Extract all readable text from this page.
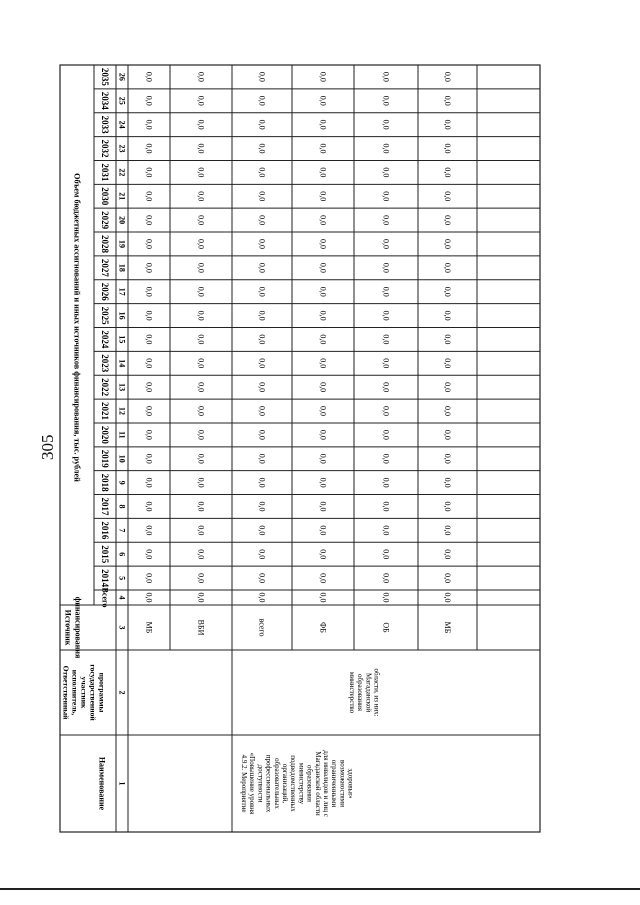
305	Объем бюджетных ассигнований и иных источников финансирования, тыс. рублей
2014
2015
2016
2017
2018
2019
2020
2021
2022
2023
2024
2025
2026
2027
2028
2029
2030
2031
2032
2033
2034
2035
Всего 4
5
6
7
8
9
10
11
12
13
14
15
16
17
18
19
20
21
22
23
24
25
26
3
2
1
Источник финансирования
Ответственный исполнитель, участник государственной программы
Наименование
МБ
0,0
0,0
0,0
0,0
0,0
0,0
0,0
0,0
0,0
0,0
0,0
0,0
0,0
0,0
0,0
0,0
0,0
0,0
0,0
0,0
0,0
0,0
0,0
ВБИ
0,0
0,0
0,0
0,0
0,0
0,0
0,0
0,0
0,0
0,0
0,0
0,0
0,0
0,0
0,0
0,0
0,0
0,0
0,0
0,0
0,0
0,0
0,0
всего
0,0
0,0
0,0
0,0
0,0
0,0
0,0
0,0
0,0
0,0
0,0
0,0
0,0
0,0
0,0
0,0
0,0
0,0
0,0
0,0
0,0
0,0
0,0
ФБ
0,0
0,0
0,0
0,0
0,0
0,0
0,0
0,0
0,0
0,0
0,0
0,0
0,0
0,0
0,0
0,0
0,0
0,0
0,0
0,0
0,0
0,0
0,0
ОБ
0,0
0,0
0,0
0,0
0,0
0,0
0,0
0,0
0,0
0,0
0,0
0,0
0,0
0,0
0,0
0,0
0,0
0,0
0,0
0,0
0,0
0,0
0,0
МБ
0,0
0,0
0,0
0,0
0,0
0,0
0,0
0,0
0,0
0,0
0,0
0,0
0,0
0,0
0,0
0,0
0,0
0,0
0,0
0,0
0,0
0,0
0,0
4.9.2. Мероприятие «Повышение уровня доступности профессиональных образовательных организаций, подведомственных министерству образования Магаданской области для инвалидов и лиц с ограниченными возможностями здоровья»
министерство образования Магаданской области, из них:
